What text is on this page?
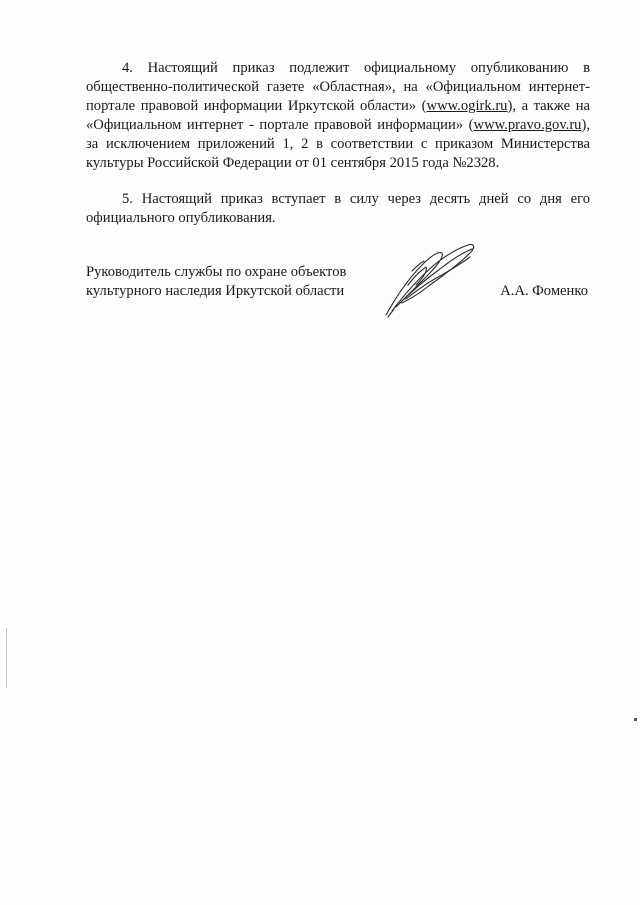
4. Настоящий приказ подлежит официальному опубликованию в общественно-политической газете «Областная», на «Официальном интернет-портале правовой информации Иркутской области» (www.ogirk.ru), а также на «Официальном интернет - портале правовой информации» (www.pravo.gov.ru), за исключением приложений 1, 2 в соответствии с приказом Министерства культуры Российской Федерации от 01 сентября 2015 года №2328.

5. Настоящий приказ вступает в силу через десять дней со дня его официального опубликования.

Руководитель службы по охране объектов
культурного наследия Иркутской области	А.А. Фоменко
